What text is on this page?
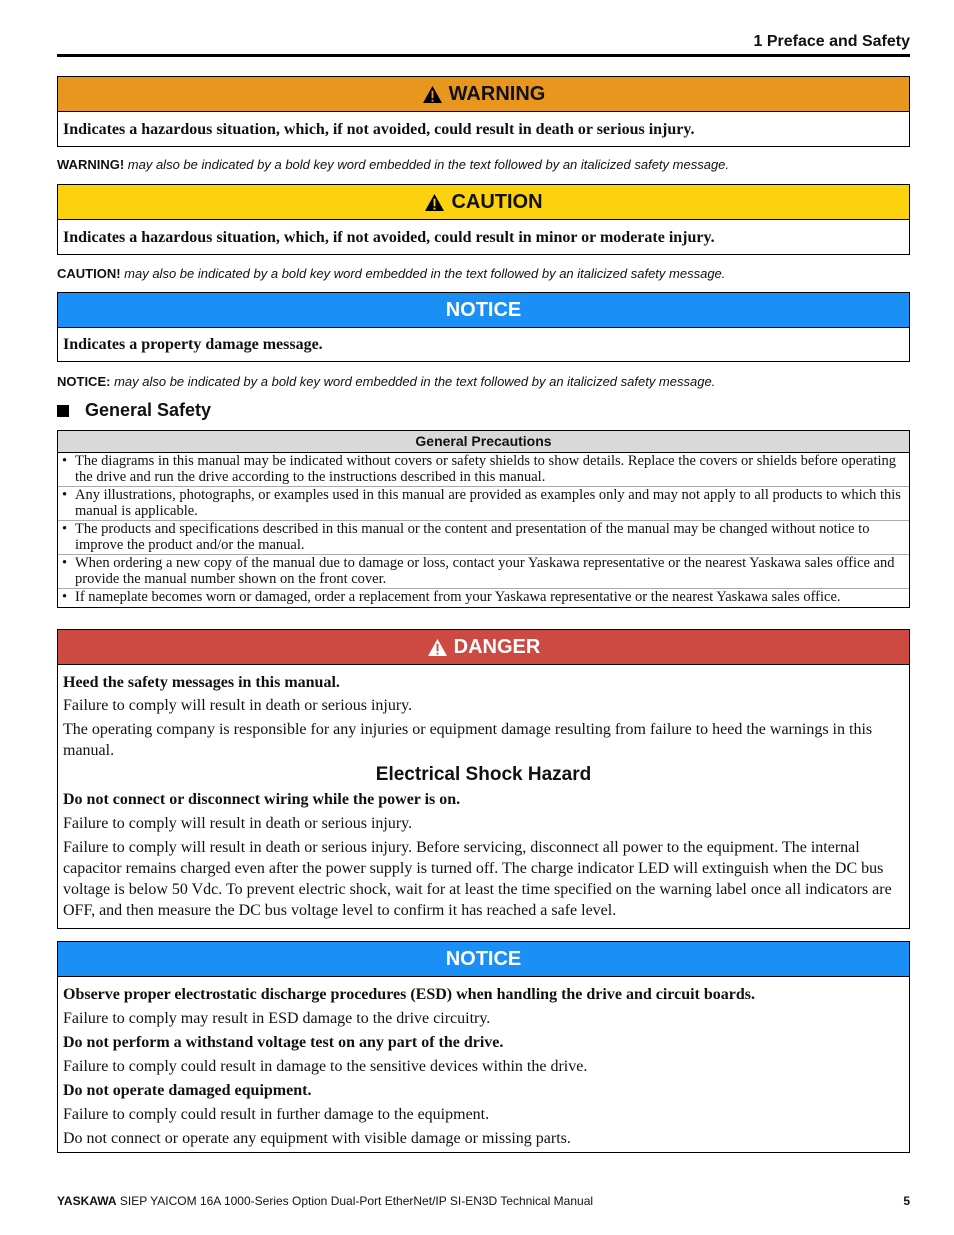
1 Preface and Safety
WARNING

Indicates a hazardous situation, which, if not avoided, could result in death or serious injury.

WARNING! may also be indicated by a bold key word embedded in the text followed by an italicized safety message.
CAUTION

Indicates a hazardous situation, which, if not avoided, could result in minor or moderate injury.

CAUTION! may also be indicated by a bold key word embedded in the text followed by an italicized safety message.
NOTICE

Indicates a property damage message.

NOTICE: may also be indicated by a bold key word embedded in the text followed by an italicized safety message.
General Safety
General Precautions
• The diagrams in this manual may be indicated without covers or safety shields to show details. Replace the covers or shields before operating the drive and run the drive according to the instructions described in this manual.
• Any illustrations, photographs, or examples used in this manual are provided as examples only and may not apply to all products to which this manual is applicable.
• The products and specifications described in this manual or the content and presentation of the manual may be changed without notice to improve the product and/or the manual.
• When ordering a new copy of the manual due to damage or loss, contact your Yaskawa representative or the nearest Yaskawa sales office and provide the manual number shown on the front cover.
• If nameplate becomes worn or damaged, order a replacement from your Yaskawa representative or the nearest Yaskawa sales office.
DANGER

Heed the safety messages in this manual.

Failure to comply will result in death or serious injury.

The operating company is responsible for any injuries or equipment damage resulting from failure to heed the warnings in this manual.

Electrical Shock Hazard

Do not connect or disconnect wiring while the power is on.

Failure to comply will result in death or serious injury.

Failure to comply will result in death or serious injury. Before servicing, disconnect all power to the equipment. The internal capacitor remains charged even after the power supply is turned off. The charge indicator LED will extinguish when the DC bus voltage is below 50 Vdc. To prevent electric shock, wait for at least the time specified on the warning label once all indicators are OFF, and then measure the DC bus voltage level to confirm it has reached a safe level.

NOTICE

Observe proper electrostatic discharge procedures (ESD) when handling the drive and circuit boards.

Failure to comply may result in ESD damage to the drive circuitry.

Do not perform a withstand voltage test on any part of the drive.

Failure to comply could result in damage to the sensitive devices within the drive.

Do not operate damaged equipment.

Failure to comply could result in further damage to the equipment.

Do not connect or operate any equipment with visible damage or missing parts.

YASKAWA SIEP YAICOM 16A 1000-Series Option Dual-Port EtherNet/IP SI-EN3D Technical Manual	5
